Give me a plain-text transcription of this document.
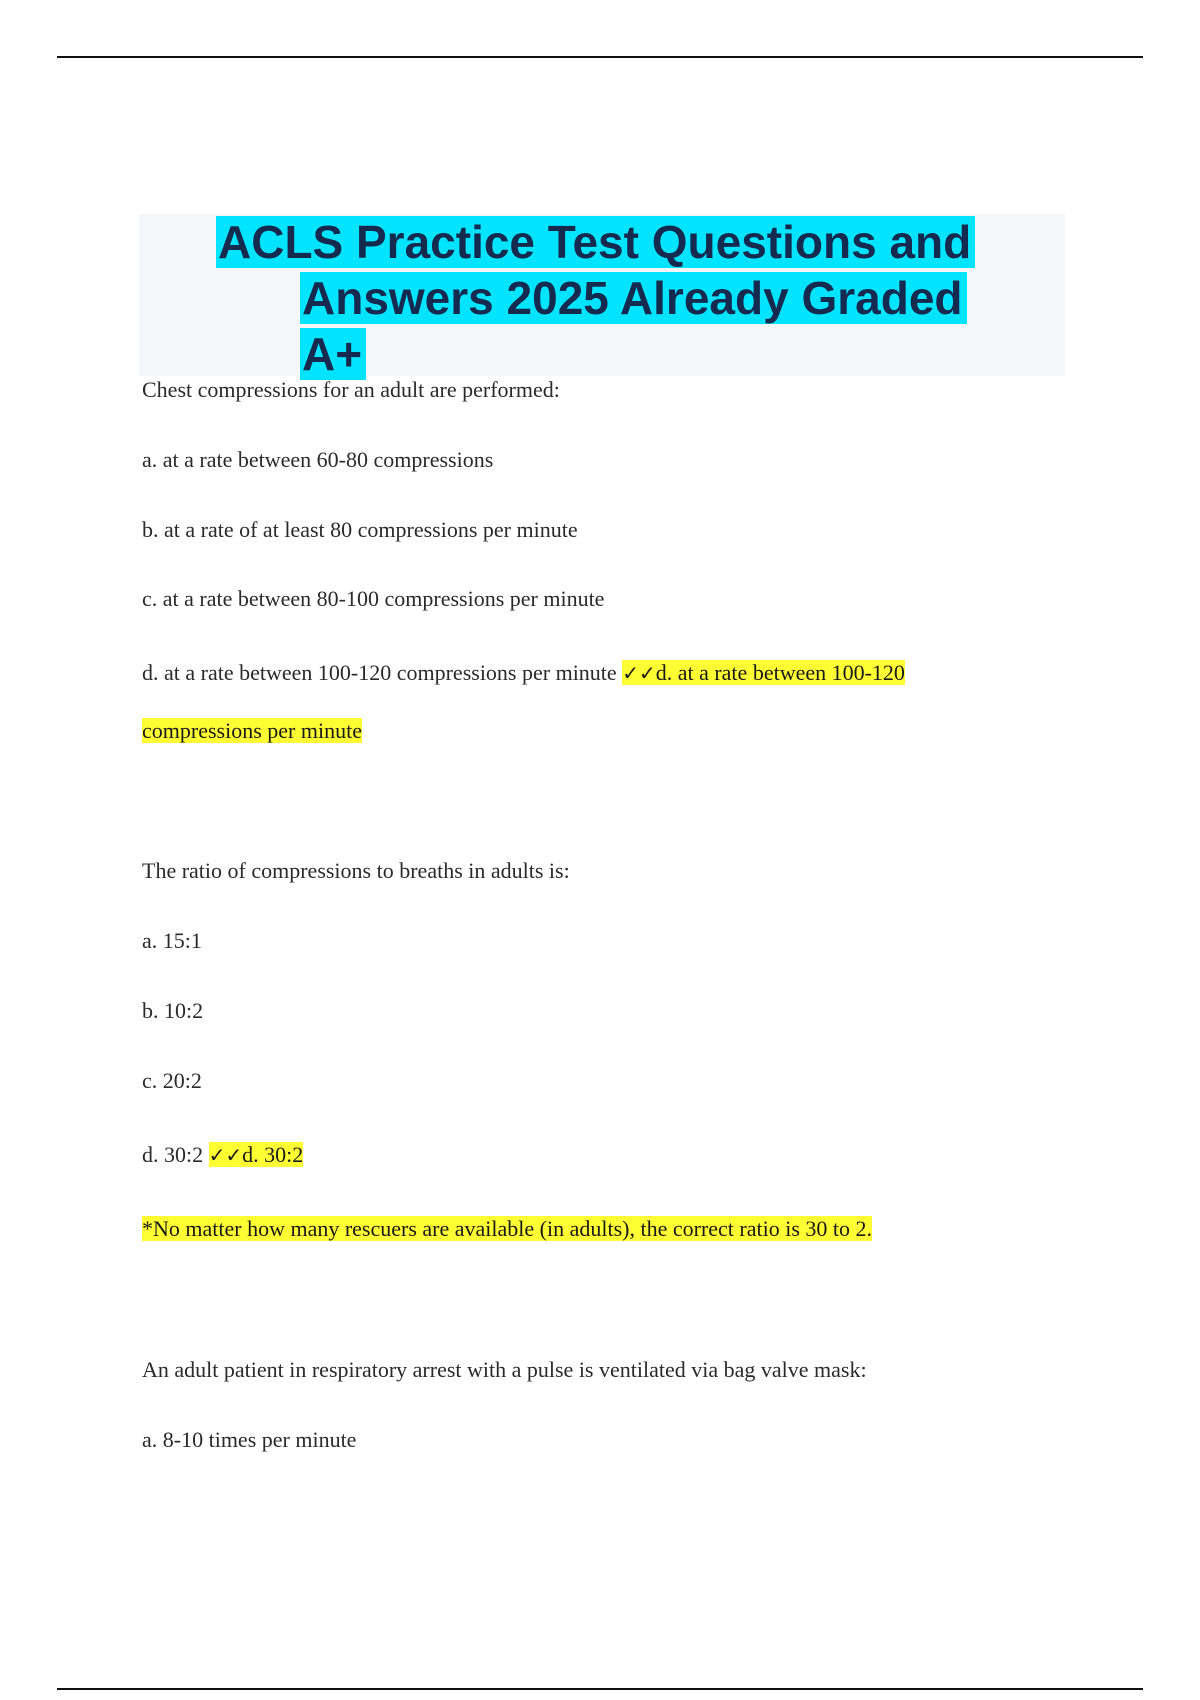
ACLS Practice Test Questions and
Answers 2025 Already Graded
A+
Chest compressions for an adult are performed:
a. at a rate between 60-80 compressions
b. at a rate of at least 80 compressions per minute
c. at a rate between 80-100 compressions per minute
d. at a rate between 100-120 compressions per minute ✓✓d. at a rate between 100-120
compressions per minute
The ratio of compressions to breaths in adults is:
a. 15:1
b. 10:2
c. 20:2
d. 30:2 ✓✓d. 30:2
*No matter how many rescuers are available (in adults), the correct ratio is 30 to 2.
An adult patient in respiratory arrest with a pulse is ventilated via bag valve mask:
a. 8-10 times per minute
